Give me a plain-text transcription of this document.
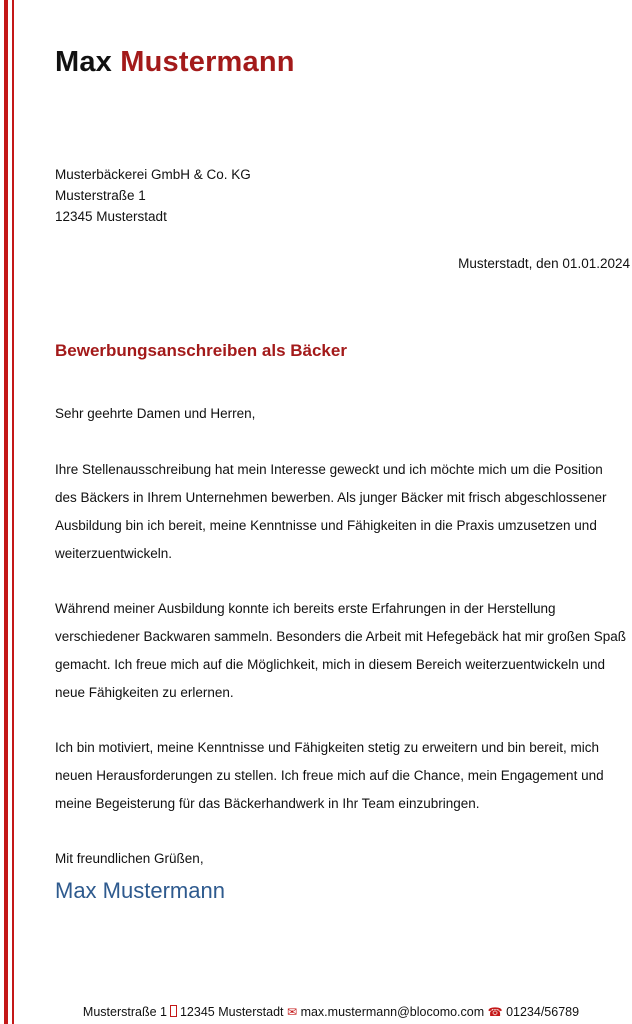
Max Mustermann
Musterbäckerei GmbH & Co. KG
Musterstraße 1
12345 Musterstadt
Musterstadt, den 01.01.2024
Bewerbungsanschreiben als Bäcker
Sehr geehrte Damen und Herren,
Ihre Stellenausschreibung hat mein Interesse geweckt und ich möchte mich um die Position des Bäckers in Ihrem Unternehmen bewerben. Als junger Bäcker mit frisch abgeschlossener Ausbildung bin ich bereit, meine Kenntnisse und Fähigkeiten in die Praxis umzusetzen und weiterzuentwickeln.
Während meiner Ausbildung konnte ich bereits erste Erfahrungen in der Herstellung verschiedener Backwaren sammeln. Besonders die Arbeit mit Hefegebäck hat mir großen Spaß gemacht. Ich freue mich auf die Möglichkeit, mich in diesem Bereich weiterzuentwickeln und neue Fähigkeiten zu erlernen.
Ich bin motiviert, meine Kenntnisse und Fähigkeiten stetig zu erweitern und bin bereit, mich neuen Herausforderungen zu stellen. Ich freue mich auf die Chance, mein Engagement und meine Begeisterung für das Bäckerhandwerk in Ihr Team einzubringen.
Mit freundlichen Grüßen,
Max Mustermann
Musterstraße 1 12345 Musterstadt ✉ max.mustermann@blocomo.com ☎ 01234/56789
